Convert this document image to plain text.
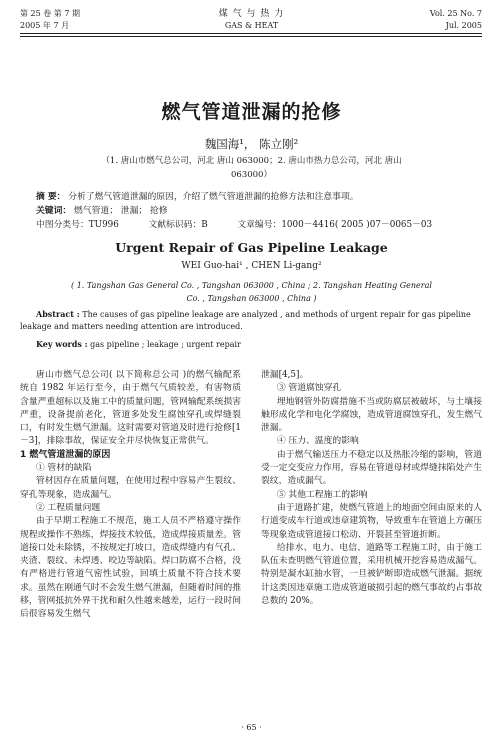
第 25 卷 第 7 期
2005 年 7 月
煤 气 与 热 力
GAS & HEAT
Vol. 25 No. 7
Jul. 2005
燃气管道泄漏的抢修
魏国海¹， 陈立刚²
（1. 唐山市燃气总公司，河北 唐山 063000；2. 唐山市热力总公司，河北 唐山
063000）
摘 要： 分析了燃气管道泄漏的原因，介绍了燃气管道泄漏的抢修方法和注意事项。
关键词： 燃气管道； 泄漏； 抢修
中图分类号：TU996	文献标识码：B	文章编号：1000－4416( 2005 )07－0065－03
Urgent Repair of Gas Pipeline Leakage
WEI Guo-hai¹ , CHEN Li-gang²
( 1. Tangshan Gas General Co. , Tangshan 063000 , China ; 2. Tangshan Heating General
Co. , Tangshan 063000 , China )
Abstract : The causes of gas pipeline leakage are analyzed , and methods of urgent repair for gas pipeline leakage and matters needing attention are introduced.
Key words : gas pipeline ; leakage ; urgent repair

唐山市燃气总公司( 以下简称总公司 )的燃气输配系统自 1982 年运行至今，由于燃气气质较差，有害物质含量严重超标以及施工中的质量问题，管网输配系统损害严重，设备提前老化，管道多处发生腐蚀穿孔或焊缝裂口，有时发生燃气泄漏。这时需要对管道及时进行抢修[1－3]，排除事故，保证安全并尽快恢复正常供气。

1 燃气管道泄漏的原因

① 管材的缺陷

管材因存在质量问题，在使用过程中容易产生裂纹、穿孔等现象，造成漏气。

② 工程质量问题

由于早期工程施工不规范，施工人员不严格遵守操作规程或操作不熟练，焊接技术较低，造成焊接质量差。管道接口处未除锈，不按规定打坡口，造成焊缝内有气孔、夹渣、裂纹、未焊透、咬边等缺陷。焊口防腐不合格，没有严格进行管道气密性试验，回填土质量不符合技术要求。虽然在刚通气时不会发生燃气泄漏，但随着时间的推移，管网抵抗外界干扰和耐久性越来越差，运行一段时间后很容易发生燃气

泄漏[4,5]。

③ 管道腐蚀穿孔

埋地钢管外防腐措施不当或防腐层被破坏，与土壤接触形成化学和电化学腐蚀，造成管道腐蚀穿孔，发生燃气泄漏。

④ 压力、温度的影响

由于燃气输送压力不稳定以及热胀冷缩的影响，管道受一定交变应力作用，容易在管道母材或焊缝抹陷处产生裂纹，造成漏气。

⑤ 其他工程施工的影响

由于道路扩建，使燃气管道上的地面空间由原来的人行道变成车行道或违章建筑物，导致重车在管道上方碾压等现象造成管道接口松动、开裂甚至管道折断。

给排水、电力、电信、道路等工程施工时，由于施工队伍未查明燃气管道位置，采用机械开挖容易造成漏气。特别是凝水缸抽水管，一旦被铲断即造成燃气泄漏。据统计这类因违章施工造成管道破损引起的燃气事故约占事故总数的 20%。

· 65 ·
